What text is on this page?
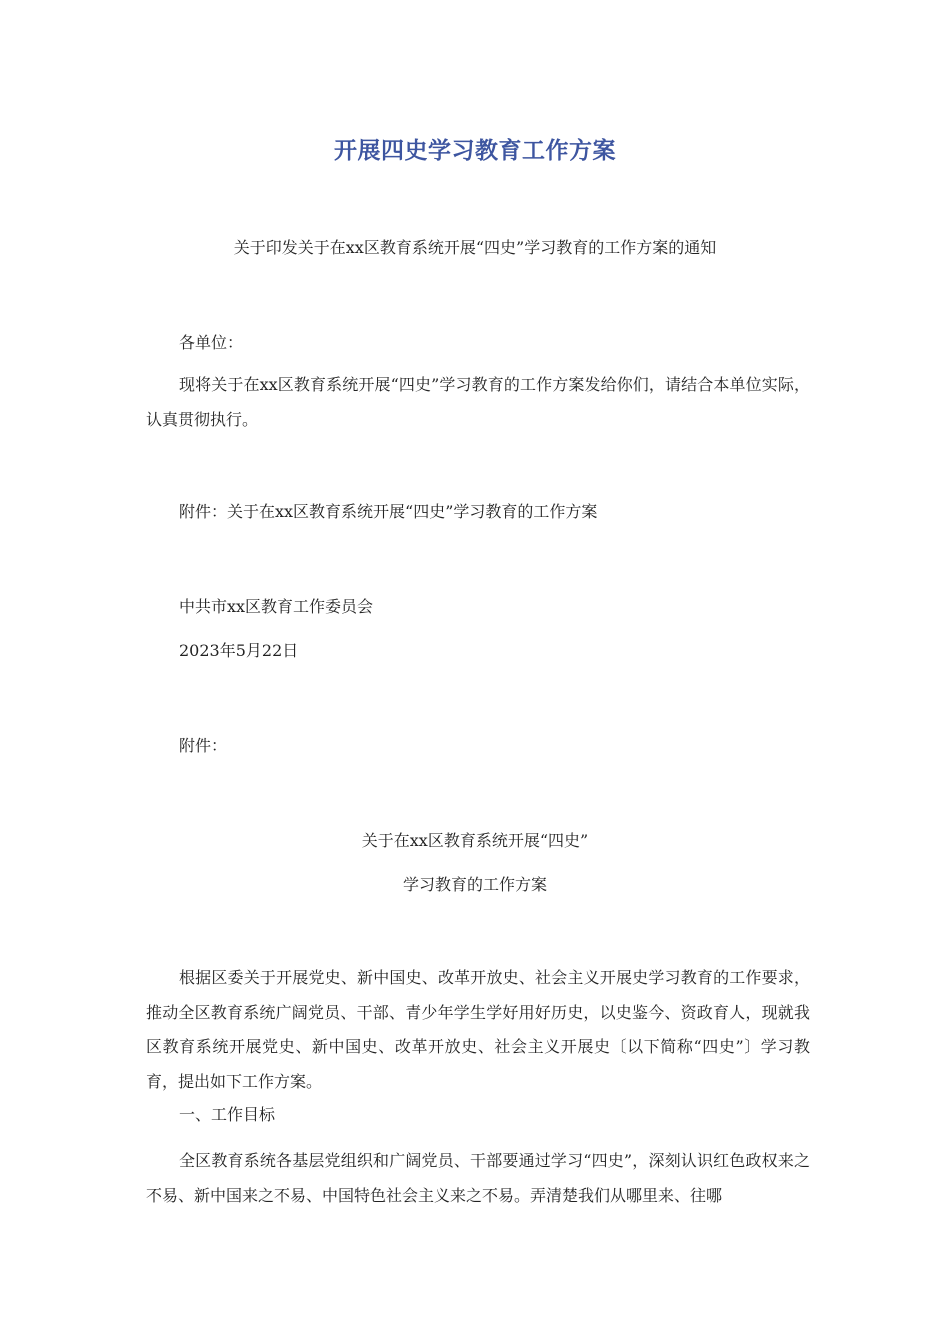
开展四史学习教育工作方案
关于印发关于在xx区教育系统开展“四史”学习教育的工作方案的通知
各单位：
现将关于在xx区教育系统开展“四史”学习教育的工作方案发给你们，请结合本单位实际，认真贯彻执行。
附件：关于在xx区教育系统开展“四史”学习教育的工作方案
中共市xx区教育工作委员会
2023年5月22日
附件：
关于在xx区教育系统开展“四史”
学习教育的工作方案
根据区委关于开展党史、新中国史、改革开放史、社会主义开展史学习教育的工作要求，推动全区教育系统广阔党员、干部、青少年学生学好用好历史，以史鉴今、资政育人，现就我区教育系统开展党史、新中国史、改革开放史、社会主义开展史〔以下简称“四史”〕学习教育，提出如下工作方案。
一、工作目标
全区教育系统各基层党组织和广阔党员、干部要通过学习“四史”，深刻认识红色政权来之不易、新中国来之不易、中国特色社会主义来之不易。弄清楚我们从哪里来、往哪
